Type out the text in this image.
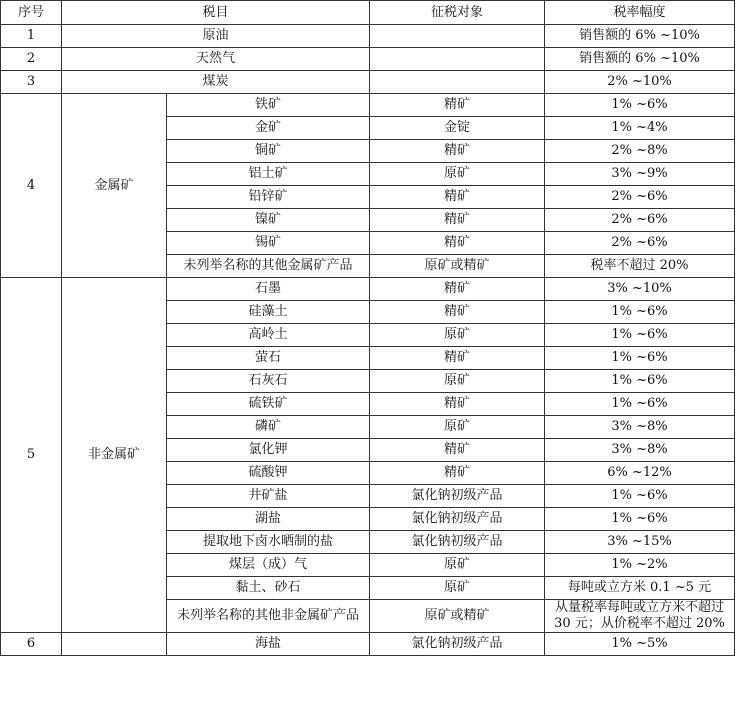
序号	税目		征税对象	税率幅度
1	原油			销售额的 6% ~10%
2	天然气			销售额的 6% ~10%
3	煤炭			2% ~10%
4	金属矿	铁矿	精矿	1% ~6%
		金矿	金锭	1% ~4%
		铜矿	精矿	2% ~8%
		铝土矿	原矿	3% ~9%
		铅锌矿	精矿	2% ~6%
		镍矿	精矿	2% ~6%
		锡矿	精矿	2% ~6%
		未列举名称的其他金属矿产品	原矿或精矿	税率不超过 20%
5	非金属矿	石墨	精矿	3% ~10%
		硅藻土	精矿	1% ~6%
		高岭土	原矿	1% ~6%
		萤石	精矿	1% ~6%
		石灰石	原矿	1% ~6%
		硫铁矿	精矿	1% ~6%
		磷矿	原矿	3% ~8%
		氯化钾	精矿	3% ~8%
		硫酸钾	精矿	6% ~12%
		井矿盐	氯化钠初级产品	1% ~6%
		湖盐	氯化钠初级产品	1% ~6%
		提取地下卤水晒制的盐	氯化钠初级产品	3% ~15%
		煤层（成）气	原矿	1% ~2%
		黏土、砂石	原矿	每吨或立方米 0.1 ~5 元
		未列举名称的其他非金属矿产品	原矿或精矿	从量税率每吨或立方米不超过
30 元；从价税率不超过 20%
6		海盐	氯化钠初级产品	1% ~5%
